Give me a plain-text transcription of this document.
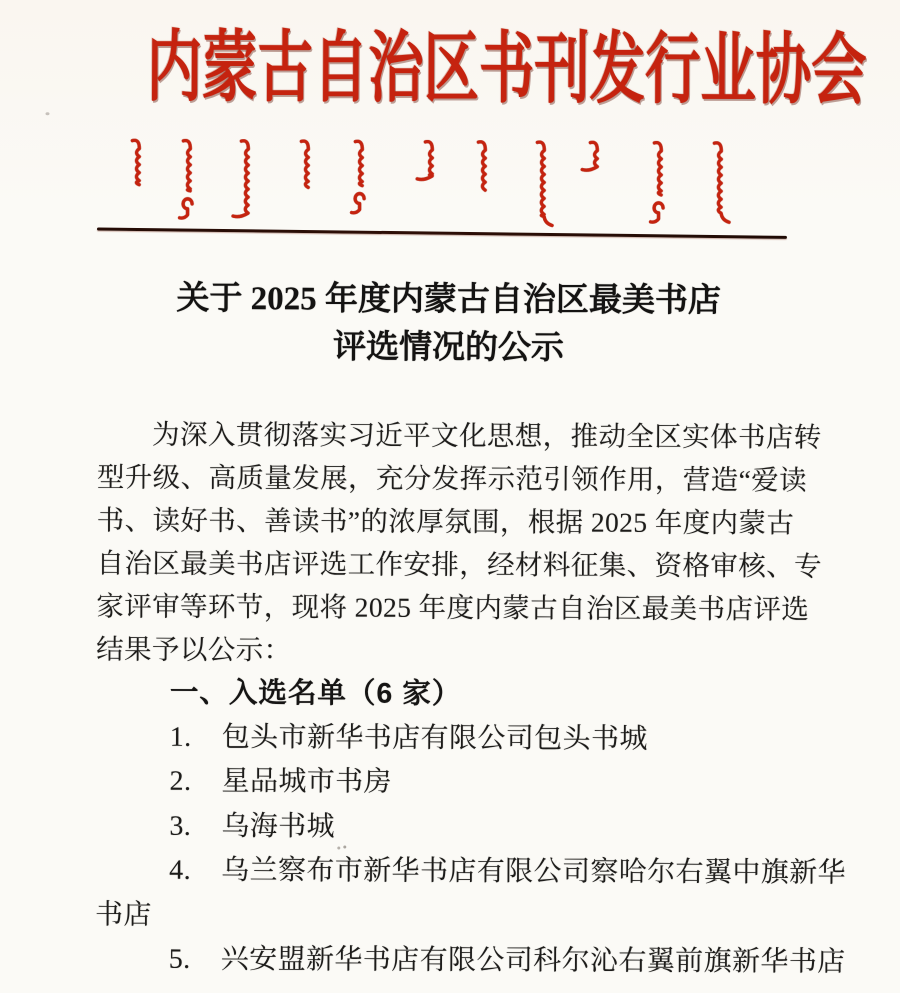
内蒙古自治区书刊发行业协会
关于 2025 年度内蒙古自治区最美书店
评选情况的公示
为深入贯彻落实习近平文化思想，推动全区实体书店转
型升级、高质量发展，充分发挥示范引领作用，营造“爱读
书、读好书、善读书”的浓厚氛围，根据 2025 年度内蒙古
自治区最美书店评选工作安排，经材料征集、资格审核、专
家评审等环节，现将 2025 年度内蒙古自治区最美书店评选
结果予以公示：
一、入选名单（6 家）
1. 包头市新华书店有限公司包头书城
2. 星品城市书房
3. 乌海书城
4. 乌兰察布市新华书店有限公司察哈尔右翼中旗新华
书店
5. 兴安盟新华书店有限公司科尔沁右翼前旗新华书店
